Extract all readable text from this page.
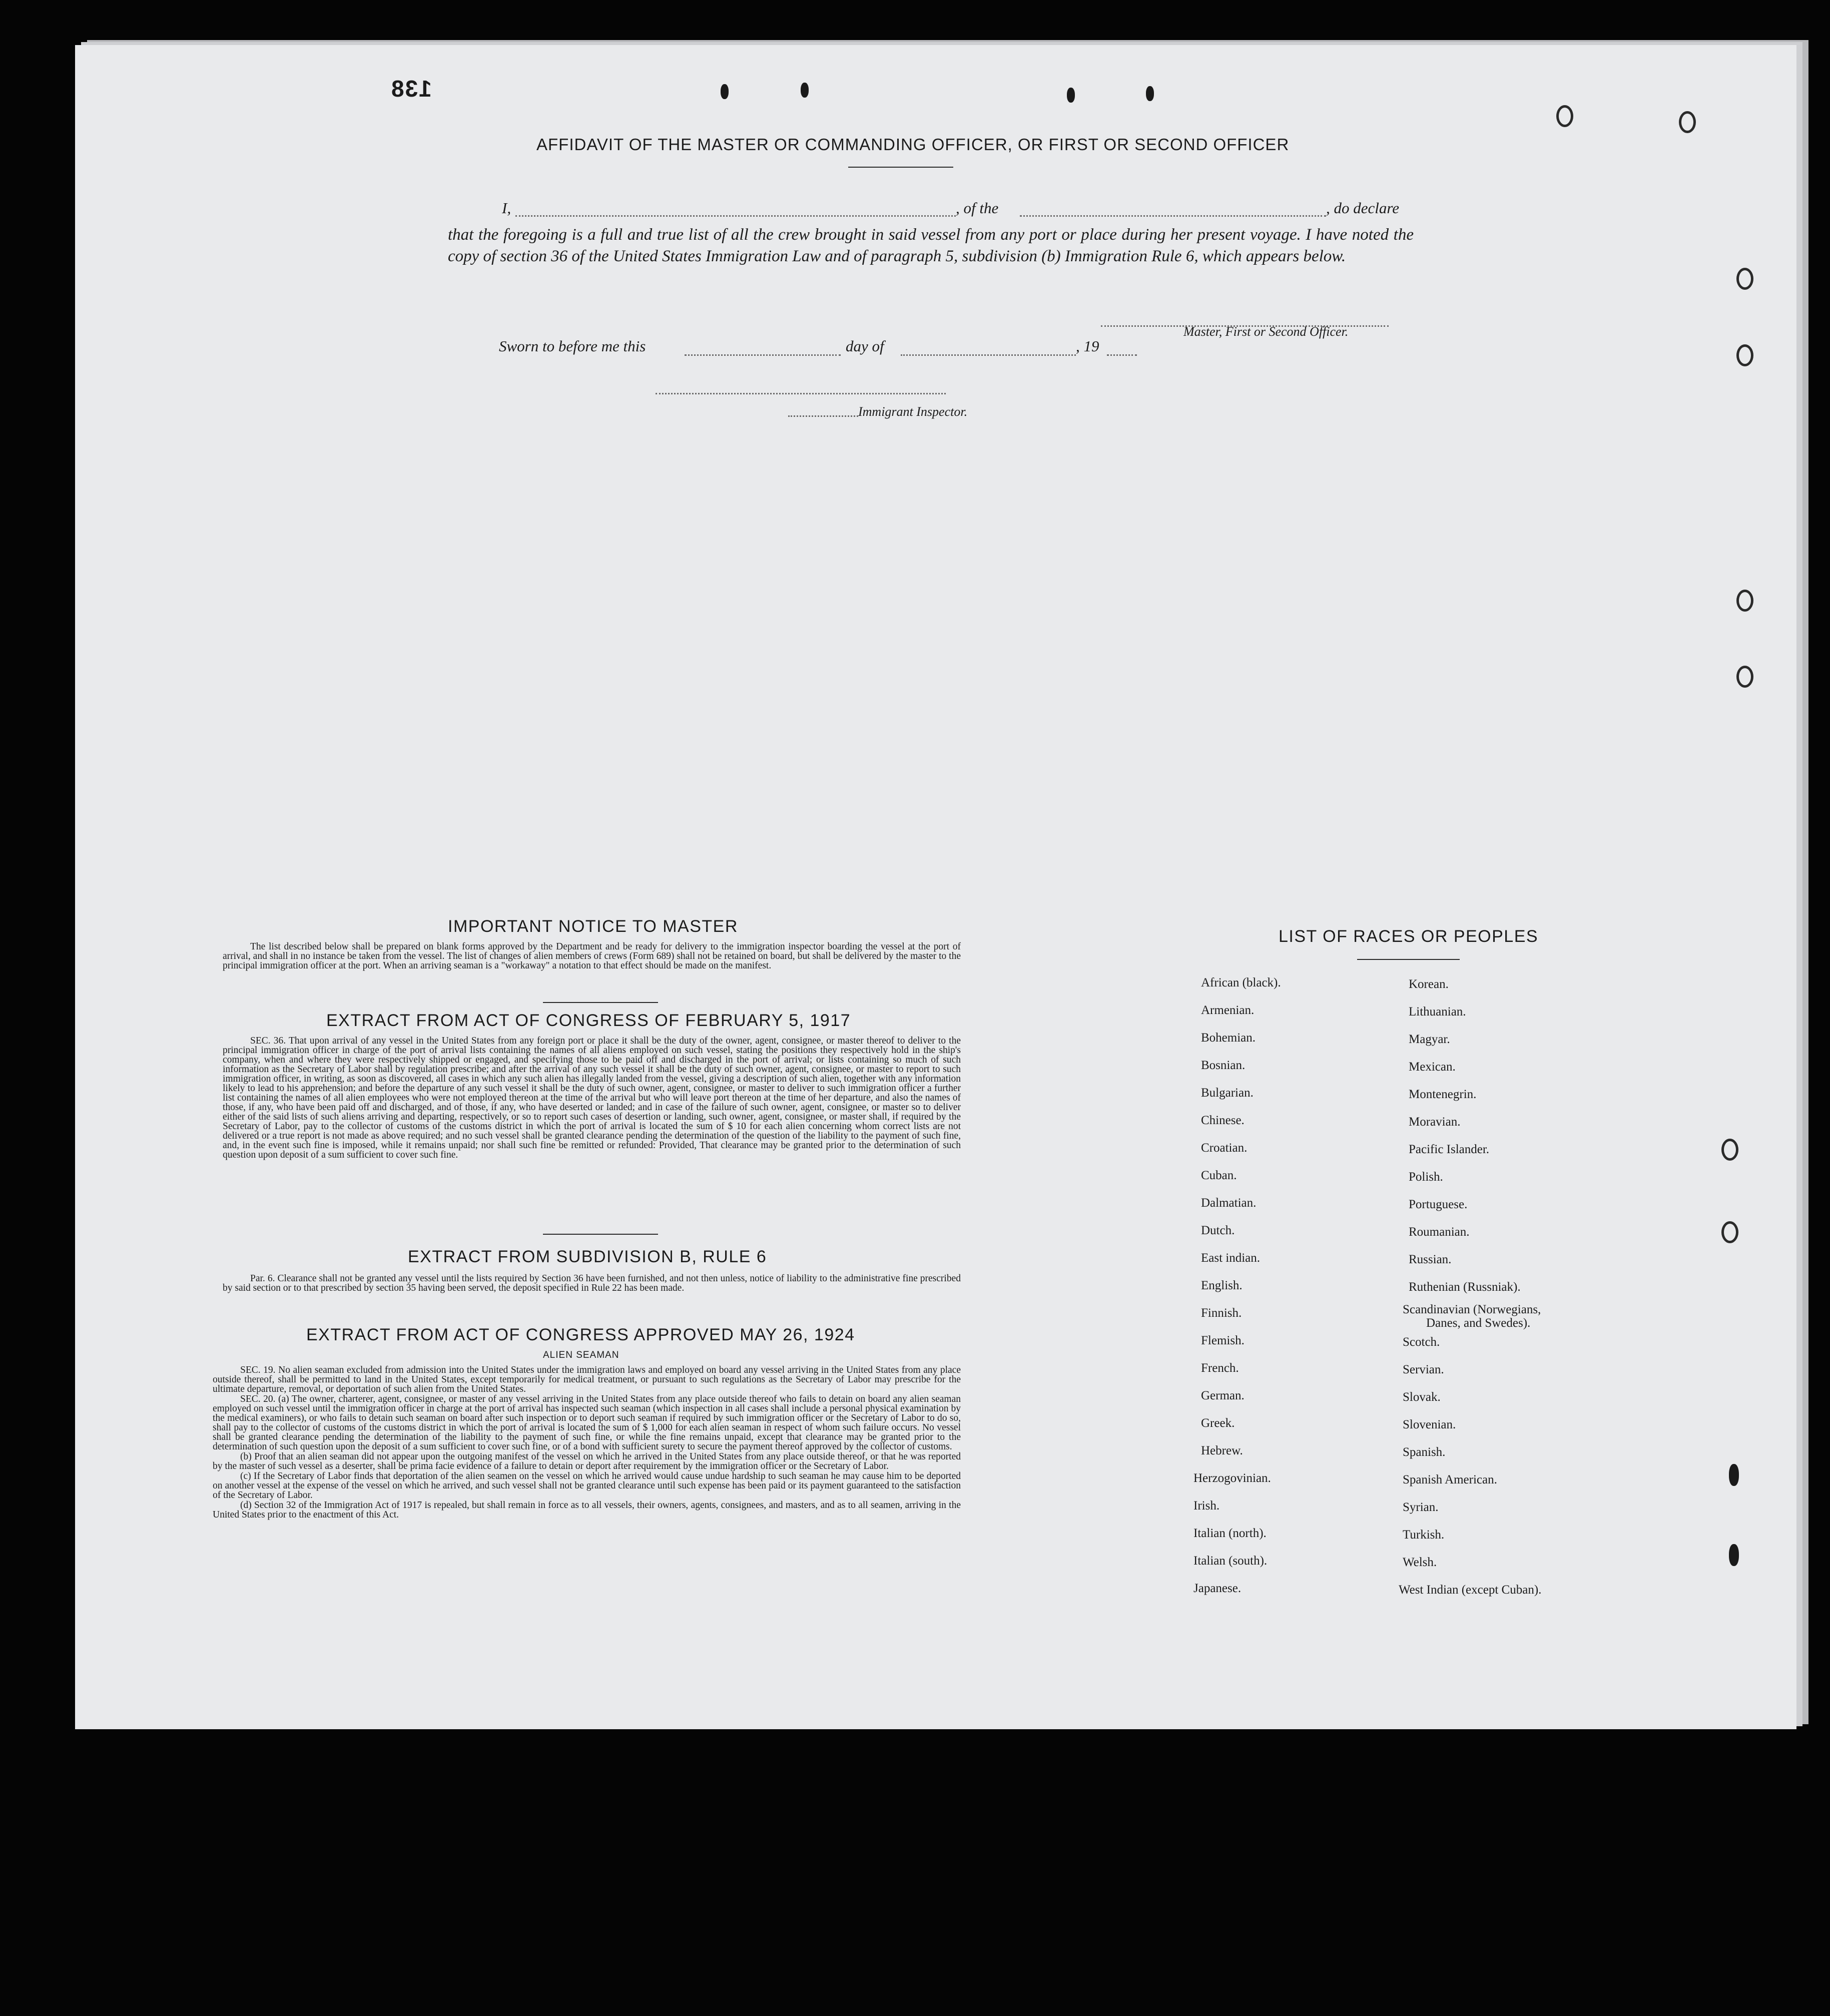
138
AFFIDAVIT OF THE MASTER OR COMMANDING OFFICER, OR FIRST OR SECOND OFFICER
I,	, of the	, do declare
that the foregoing is a full and true list of all the crew brought in said vessel from any port or place during her present voyage. I have noted the copy of section 36 of the United States Immigration Law and of paragraph 5, subdivision (b) Immigration Rule 6, which appears below.
Master, First or Second Officer.
Sworn to before me this	day of	, 19
Immigrant Inspector.
IMPORTANT NOTICE TO MASTER

The list described below shall be prepared on blank forms approved by the Department and be ready for delivery to the immigration inspector boarding the vessel at the port of arrival, and shall in no instance be taken from the vessel. The list of changes of alien members of crews (Form 689) shall not be retained on board, but shall be delivered by the master to the principal immigration officer at the port. When an arriving seaman is a "workaway" a notation to that effect should be made on the manifest.

EXTRACT FROM ACT OF CONGRESS OF FEBRUARY 5, 1917

SEC. 36. That upon arrival of any vessel in the United States from any foreign port or place it shall be the duty of the owner, agent, consignee, or master thereof to deliver to the principal immigration officer in charge of the port of arrival lists containing the names of all aliens employed on such vessel, stating the positions they respectively hold in the ship's company, when and where they were respectively shipped or engaged, and specifying those to be paid off and discharged in the port of arrival; or lists containing so much of such information as the Secretary of Labor shall by regulation prescribe; and after the arrival of any such vessel it shall be the duty of such owner, agent, consignee, or master to report to such immigration officer, in writing, as soon as discovered, all cases in which any such alien has illegally landed from the vessel, giving a description of such alien, together with any information likely to lead to his apprehension; and before the departure of any such vessel it shall be the duty of such owner, agent, consignee, or master to deliver to such immigration officer a further list containing the names of all alien employees who were not employed thereon at the time of the arrival but who will leave port thereon at the time of her departure, and also the names of those, if any, who have been paid off and discharged, and of those, if any, who have deserted or landed; and in case of the failure of such owner, agent, consignee, or master so to deliver either of the said lists of such aliens arriving and departing, respectively, or so to report such cases of desertion or landing, such owner, agent, consignee, or master shall, if required by the Secretary of Labor, pay to the collector of customs of the customs district in which the port of arrival is located the sum of $ 10 for each alien concerning whom correct lists are not delivered or a true report is not made as above required; and no such vessel shall be granted clearance pending the determination of the question of the liability to the payment of such fine, and, in the event such fine is imposed, while it remains unpaid; nor shall such fine be remitted or refunded: Provided, That clearance may be granted prior to the determination of such question upon deposit of a sum sufficient to cover such fine.

EXTRACT FROM SUBDIVISION B, RULE 6

Par. 6. Clearance shall not be granted any vessel until the lists required by Section 36 have been furnished, and not then unless, notice of liability to the administrative fine prescribed by said section or to that prescribed by section 35 having been served, the deposit specified in Rule 22 has been made.

EXTRACT FROM ACT OF CONGRESS APPROVED MAY 26, 1924
ALIEN SEAMAN

SEC. 19. No alien seaman excluded from admission into the United States under the immigration laws and employed on board any vessel arriving in the United States from any place outside thereof, shall be permitted to land in the United States, except temporarily for medical treatment, or pursuant to such regulations as the Secretary of Labor may prescribe for the ultimate departure, removal, or deportation of such alien from the United States.

SEC. 20. (a) The owner, charterer, agent, consignee, or master of any vessel arriving in the United States from any place outside thereof who fails to detain on board any alien seaman employed on such vessel until the immigration officer in charge at the port of arrival has inspected such seaman (which inspection in all cases shall include a personal physical examination by the medical examiners), or who fails to detain such seaman on board after such inspection or to deport such seaman if required by such immigration officer or the Secretary of Labor to do so, shall pay to the collector of customs of the customs district in which the port of arrival is located the sum of $ 1,000 for each alien seaman in respect of whom such failure occurs. No vessel shall be granted clearance pending the determination of the liability to the payment of such fine, or while the fine remains unpaid, except that clearance may be granted prior to the determination of such question upon the deposit of a sum sufficient to cover such fine, or of a bond with sufficient surety to secure the payment thereof approved by the collector of customs.

(b) Proof that an alien seaman did not appear upon the outgoing manifest of the vessel on which he arrived in the United States from any place outside thereof, or that he was reported by the master of such vessel as a deserter, shall be prima facie evidence of a failure to detain or deport after requirement by the immigration officer or the Secretary of Labor.

(c) If the Secretary of Labor finds that deportation of the alien seamen on the vessel on which he arrived would cause undue hardship to such seaman he may cause him to be deported on another vessel at the expense of the vessel on which he arrived, and such vessel shall not be granted clearance until such expense has been paid or its payment guaranteed to the satisfaction of the Secretary of Labor.

(d) Section 32 of the Immigration Act of 1917 is repealed, but shall remain in force as to all vessels, their owners, agents, consignees, and masters, and as to all seamen, arriving in the United States prior to the enactment of this Act.

LIST OF RACES OR PEOPLES
African (black).
Armenian.
Bohemian.
Bosnian.
Bulgarian.
Chinese.
Croatian.
Cuban.
Dalmatian.
Dutch.
East indian.
English.
Finnish.
Flemish.
French.
German.
Greek.
Hebrew.
Herzogovinian.
Irish.
Italian (north).
Italian (south).
Japanese.
Korean.
Lithuanian.
Magyar.
Mexican.
Montenegrin.
Moravian.
Pacific Islander.
Polish.
Portuguese.
Roumanian.
Russian.
Ruthenian (Russniak).
Scandinavian (Norwegians,
Danes, and Swedes).
Scotch.
Servian.
Slovak.
Slovenian.
Spanish.
Spanish American.
Syrian.
Turkish.
Welsh.
West Indian (except Cuban).
